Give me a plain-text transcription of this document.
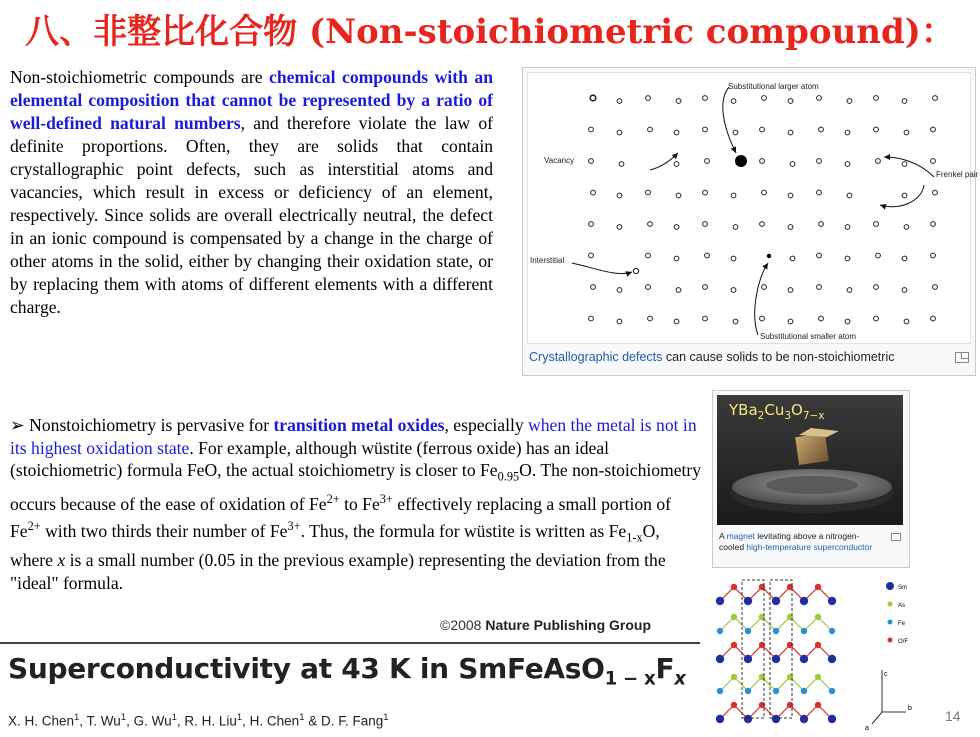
八、非整比化合物 (Non-stoichiometric compound)：
Non-stoichiometric compounds are chemical compounds with an elemental composition that cannot be represented by a ratio of well-defined natural numbers, and therefore violate the law of definite proportions. Often, they are solids that contain crystallographic point defects, such as interstitial atoms and vacancies, which result in excess or deficiency of an element, respectively. Since solids are overall electrically neutral, the defect in an ionic compound is compensated by a change in the charge of other atoms in the solid, either by changing their oxidation state, or by replacing them with atoms of different elements with a different charge.
Substitutional larger atom
Vacancy
Frenkel pair
Interstitial
Substitutional smaller atom
Crystallographic defects can cause solids to be non-stoichiometric
➢ Nonstoichiometry is pervasive for transition metal oxides, especially when the metal is not in its highest oxidation state. For example, although wüstite (ferrous oxide) has an ideal (stoichiometric) formula FeO, the actual stoichiometry is closer to $Fe_{0.95}O$. The non-stoichiometry occurs because of the ease of oxidation of $Fe^{2+}$ to $Fe^{3+}$ effectively replacing a small portion of $Fe^{2+}$ with two thirds their number of $Fe^{3+}$. Thus, the formula for wüstite is written as $Fe_{1-x}O$, where x is a small number (0.05 in the previous example) representing the deviation from the "ideal" formula.
$YBa_2Cu_3O_{7-x}$
A magnet levitating above a nitrogen-cooled high-temperature superconductor
©2008 Nature Publishing Group
Superconductivity at 43 K in $SmFeAsO_{1 - x}F_x$
X. H. Chen$^1$, T. Wu$^1$, G. Wu$^1$, R. H. Liu$^1$, H. Chen$^1$ & D. F. Fang$^1$
Sm
As
Fe
O/F
c
b
a
14
